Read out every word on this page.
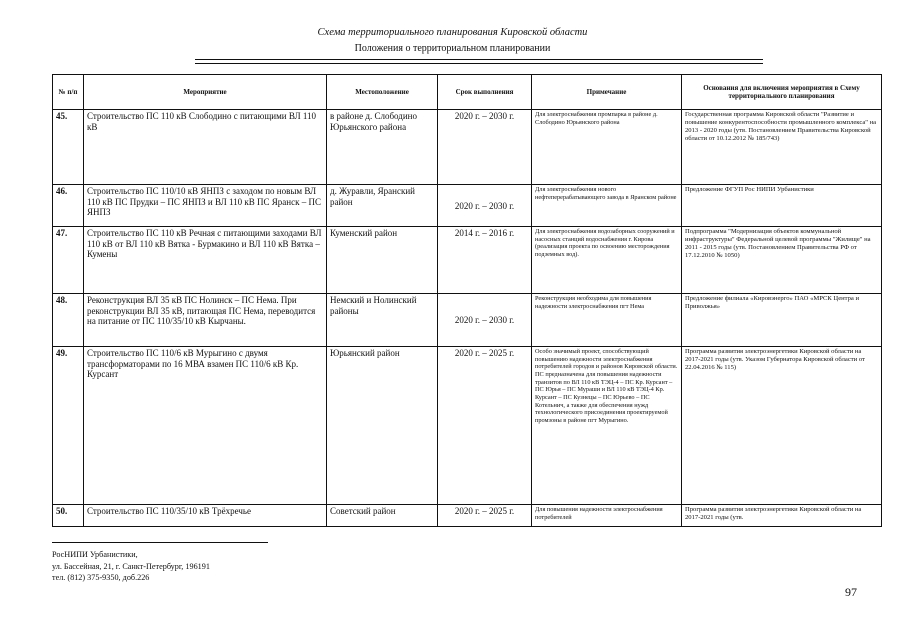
Схема территориального планирования Кировской области
Положения о территориальном планировании
№ п/п	Мероприятие	Местоположение	Срок выполнения	Примечание	Основания для включения мероприятия в Схему территориального планирования
45.	Строительство ПС 110 кВ Слободино с питающими ВЛ 110 кВ	в районе д. Слободино Юрьянского района	2020 г. – 2030 г.	Для электроснабжения промпарка в районе д. Слободино Юрьянского района	Государственная программа Кировской области "Развитие и повышение конкурентоспособности промышленного комплекса" на 2013 - 2020 годы (утв. Постановлением Правительства Кировской области от 10.12.2012 № 185/743)
46.	Строительство ПС 110/10 кВ ЯНПЗ с заходом по новым ВЛ 110 кВ ПС Прудки – ПС ЯНПЗ и ВЛ 110 кВ ПС Яранск – ПС ЯНПЗ	д. Журавли, Яранский район	2020 г. – 2030 г.	Для электроснабжения нового нефтеперерабатывающего завода в Яранском районе	Предложение ФГУП Рос НИПИ Урбанистики
47.	Строительство ПС 110 кВ Речная с питающими заходами ВЛ 110 кВ от ВЛ 110 кВ Вятка - Бурмакино и ВЛ 110 кВ Вятка – Кумены	Куменский район	2014 г. – 2016 г.	Для электроснабжения водозаборных сооружений и насосных станций водоснабжения г. Кирова (реализация проекта по освоению месторождения подземных вод).	Подпрограмма "Модернизация объектов коммунальной инфраструктуры" Федеральной целевой программы "Жилище" на 2011 - 2015 годы (утв. Постановлением Правительства РФ от 17.12.2010 № 1050)
48.	Реконструкция ВЛ 35 кВ ПС Нолинск – ПС Нема. При реконструкции ВЛ 35 кВ, питающая ПС Нема, переводится на питание от ПС 110/35/10 кВ Кырчаны.	Немский и Нолинский районы	2020 г. – 2030 г.	Реконструкция необходима для повышения надежности электроснабжения пгт Нема	Предложение филиала «Кировэнерго» ПАО «МРСК Центра и Приволжья»
49.	Строительство ПС 110/6 кВ Мурыгино с двумя трансформаторами по 16 МВА взамен ПС 110/6 кВ Кр. Курсант	Юрьянский район	2020 г. – 2025 г.	Особо значимый проект, способствующий повышению надежности электроснабжения потребителей городов и районов Кировской области. ПС предназначена для повышения надежности транзитов по ВЛ 110 кВ ТЭЦ-4 – ПС Кр. Курсант – ПС Юрья – ПС Мураши и ВЛ 110 кВ ТЭЦ-4 Кр. Курсант – ПС Кузнецы – ПС Юрьево – ПС Котельнич, а также для обеспечения нужд технологического присоединения проектируемой промзоны в районе пгт Мурыгино.	Программа развития электроэнергетики Кировской области на 2017-2021 годы (утв. Указом Губернатора Кировской области от 22.04.2016 № 115)
50.	Строительство ПС 110/35/10 кВ Трёхречье	Советский район	2020 г. – 2025 г.	Для повышения надежности электроснабжения потребителей	Программа развития электроэнергетики Кировской области на 2017-2021 годы (утв.
РосНИПИ Урбанистики,
ул. Бассейная, 21, г. Санкт-Петербург, 196191
тел. (812) 375-9350, доб.226
97
